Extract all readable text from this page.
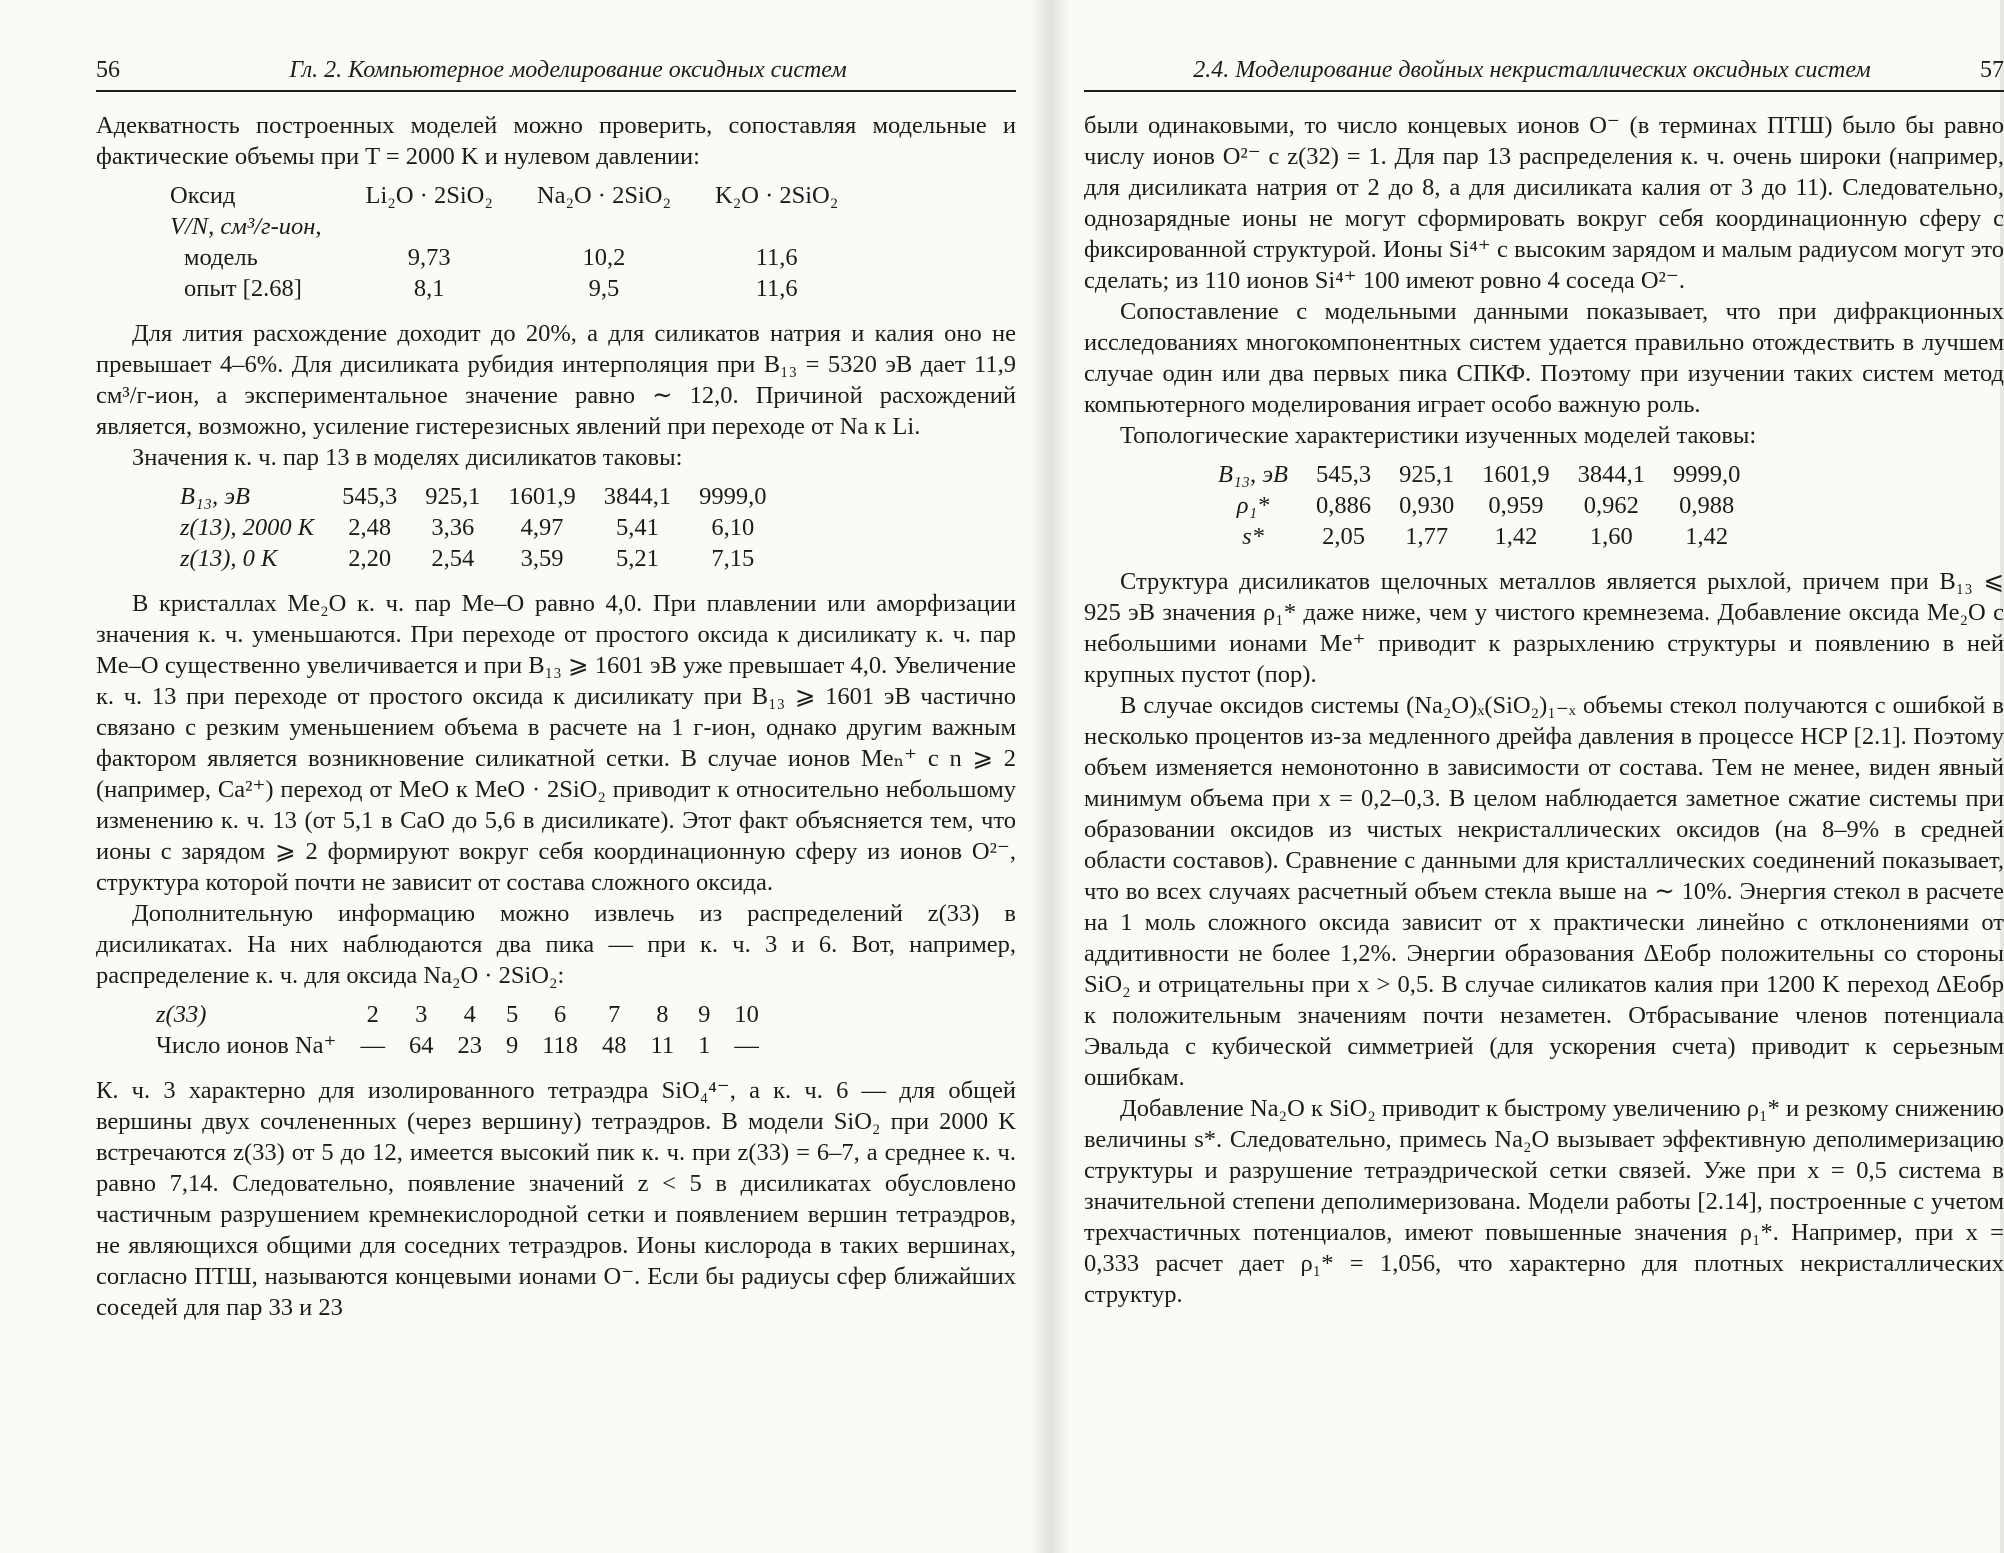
56	Гл. 2. Компьютерное моделирование оксидных систем

Адекватность построенных моделей можно проверить, сопоставляя модельные и фактические объемы при T = 2000 K и нулевом давлении:

Оксид	Li₂O · 2SiO₂	Na₂O · 2SiO₂	K₂O · 2SiO₂
V/N, см³/г-ион,			
модель	9,73	10,2	11,6
опыт [2.68]	8,1	9,5	11,6

Для лития расхождение доходит до 20%, а для силикатов натрия и калия оно не превышает 4–6%. Для дисиликата рубидия интерполяция при B₁₃ = 5320 эВ дает 11,9 см³/г-ион, а экспериментальное значение равно ∼ 12,0. Причиной расхождений является, возможно, усиление гистерезисных явлений при переходе от Na к Li.

Значения к. ч. пар 13 в моделях дисиликатов таковы:

B₁₃, эВ	545,3	925,1	1601,9	3844,1	9999,0
z(13), 2000 K	2,48	3,36	4,97	5,41	6,10
z(13), 0 K	2,20	2,54	3,59	5,21	7,15

В кристаллах Me₂O к. ч. пар Me–O равно 4,0. При плавлении или аморфизации значения к. ч. уменьшаются. При переходе от простого оксида к дисиликату к. ч. пар Me–O существенно увеличивается и при B₁₃ ⩾ 1601 эВ уже превышает 4,0. Увеличение к. ч. 13 при переходе от простого оксида к дисиликату при B₁₃ ⩾ 1601 эВ частично связано с резким уменьшением объема в расчете на 1 г-ион, однако другим важным фактором является возникновение силикатной сетки. В случае ионов Meₙ⁺ с n ⩾ 2 (например, Ca²⁺) переход от MeO к MeO · 2SiO₂ приводит к относительно небольшому изменению к. ч. 13 (от 5,1 в CaO до 5,6 в дисиликате). Этот факт объясняется тем, что ионы с зарядом ⩾ 2 формируют вокруг себя координационную сферу из ионов O²⁻, структура которой почти не зависит от состава сложного оксида.

Дополнительную информацию можно извлечь из распределений z(33) в дисиликатах. На них наблюдаются два пика — при к. ч. 3 и 6. Вот, например, распределение к. ч. для оксида Na₂O · 2SiO₂:

z(33)	2	3	4	5	6	7	8	9	10
Число ионов Na⁺	—	64	23	9	118	48	11	1	—

К. ч. 3 характерно для изолированного тетраэдра SiO₄⁴⁻, а к. ч. 6 — для общей вершины двух сочлененных (через вершину) тетраэдров. В модели SiO₂ при 2000 K встречаются z(33) от 5 до 12, имеется высокий пик к. ч. при z(33) = 6–7, а среднее к. ч. равно 7,14. Следовательно, появление значений z < 5 в дисиликатах обусловлено частичным разрушением кремнекислородной сетки и появлением вершин тетраэдров, не являющихся общими для соседних тетраэдров. Ионы кислорода в таких вершинах, согласно ПТШ, называются концевыми ионами O⁻. Если бы радиусы сфер ближайших соседей для пар 33 и 23

2.4. Моделирование двойных некристаллических оксидных систем	57

были одинаковыми, то число концевых ионов O⁻ (в терминах ПТШ) было бы равно числу ионов O²⁻ с z(32) = 1. Для пар 13 распределения к. ч. очень широки (например, для дисиликата натрия от 2 до 8, а для дисиликата калия от 3 до 11). Следовательно, однозарядные ионы не могут сформировать вокруг себя координационную сферу с фиксированной структурой. Ионы Si⁴⁺ с высоким зарядом и малым радиусом могут это сделать; из 110 ионов Si⁴⁺ 100 имеют ровно 4 соседа O²⁻.

Сопоставление с модельными данными показывает, что при дифракционных исследованиях многокомпонентных систем удается правильно отождествить в лучшем случае один или два первых пика СПКФ. Поэтому при изучении таких систем метод компьютерного моделирования играет особо важную роль.

Топологические характеристики изученных моделей таковы:

B₁₃, эВ	545,3	925,1	1601,9	3844,1	9999,0
ρ₁*	0,886	0,930	0,959	0,962	0,988
s*	2,05	1,77	1,42	1,60	1,42

Структура дисиликатов щелочных металлов является рыхлой, причем при B₁₃ ⩽ 925 эВ значения ρ₁* даже ниже, чем у чистого кремнезема. Добавление оксида Me₂O с небольшими ионами Me⁺ приводит к разрыхлению структуры и появлению в ней крупных пустот (пор).

В случае оксидов системы (Na₂O)ₓ(SiO₂)₁₋ₓ объемы стекол получаются с ошибкой в несколько процентов из-за медленного дрейфа давления в процессе HCP [2.1]. Поэтому объем изменяется немонотонно в зависимости от состава. Тем не менее, виден явный минимум объема при x = 0,2–0,3. В целом наблюдается заметное сжатие системы при образовании оксидов из чистых некристаллических оксидов (на 8–9% в средней области составов). Сравнение с данными для кристаллических соединений показывает, что во всех случаях расчетный объем стекла выше на ∼ 10%. Энергия стекол в расчете на 1 моль сложного оксида зависит от x практически линейно с отклонениями от аддитивности не более 1,2%. Энергии образования ΔEобр положительны со стороны SiO₂ и отрицательны при x > 0,5. В случае силикатов калия при 1200 K переход ΔEобр к положительным значениям почти незаметен. Отбрасывание членов потенциала Эвальда с кубической симметрией (для ускорения счета) приводит к серьезным ошибкам.

Добавление Na₂O к SiO₂ приводит к быстрому увеличению ρ₁* и резкому снижению величины s*. Следовательно, примесь Na₂O вызывает эффективную деполимеризацию структуры и разрушение тетраэдрической сетки связей. Уже при x = 0,5 система в значительной степени деполимеризована. Модели работы [2.14], построенные с учетом трехчастичных потенциалов, имеют повышенные значения ρ₁*. Например, при x = 0,333 расчет дает ρ₁* = 1,056, что характерно для плотных некристаллических структур.
